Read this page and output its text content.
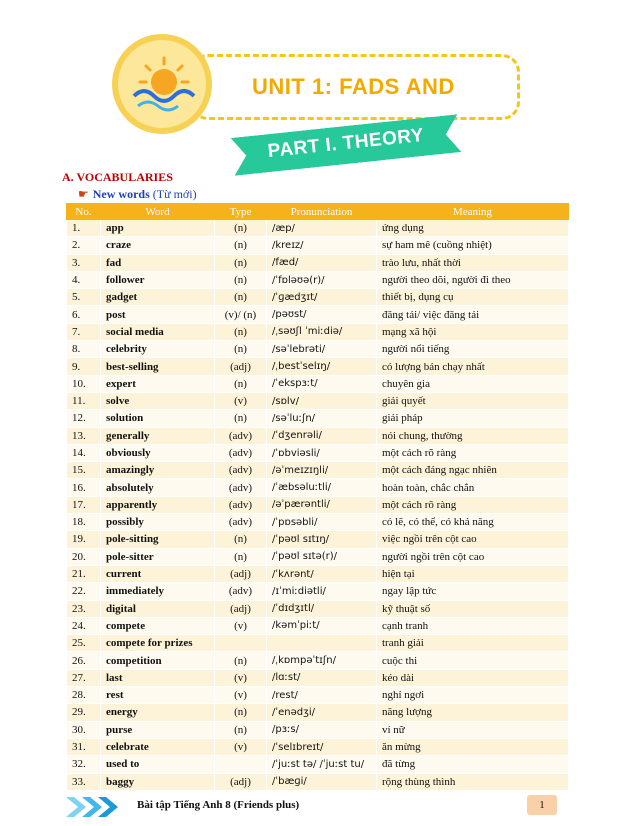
UNIT 1: FADS AND
PART I. THEORY
A. VOCABULARIES
☛ New words (Từ mới)
No.	Word	Type	Pronunciation	Meaning
1.	app	(n)	/æp/	ứng dụng
2.	craze	(n)	/kreɪz/	sự ham mê (cuồng nhiệt)
3.	fad	(n)	/fæd/	trào lưu, nhất thời
4.	follower	(n)	/ˈfɒləʊə(r)/	người theo dõi, người đi theo
5.	gadget	(n)	/ˈɡædʒɪt/	thiết bị, dụng cụ
6.	post	(v)/ (n)	/pəʊst/	đăng tải/ việc đăng tải
7.	social media	(n)	/ˌsəʊʃl ˈmiːdiə/	mạng xã hội
8.	celebrity	(n)	/səˈlebrəti/	người nổi tiếng
9.	best-selling	(adj)	/ˌbestˈselɪŋ/	có lượng bán chạy nhất
10.	expert	(n)	/ˈekspɜːt/	chuyên gia
11.	solve	(v)	/sɒlv/	giải quyết
12.	solution	(n)	/səˈluːʃn/	giải pháp
13.	generally	(adv)	/ˈdʒenrəli/	nói chung, thường
14.	obviously	(adv)	/ˈɒbviəsli/	một cách rõ ràng
15.	amazingly	(adv)	/əˈmeɪzɪŋli/	một cách đáng ngạc nhiên
16.	absolutely	(adv)	/ˈæbsəluːtli/	hoàn toàn, chắc chắn
17.	apparently	(adv)	/əˈpærəntli/	một cách rõ ràng
18.	possibly	(adv)	/ˈpɒsəbli/	có lẽ, có thể, có khả năng
19.	pole-sitting	(n)	/ˈpəʊl sɪtɪŋ/	việc ngồi trên cột cao
20.	pole-sitter	(n)	/ˈpəʊl sɪtə(r)/	người ngồi trên cột cao
21.	current	(adj)	/ˈkʌrənt/	hiện tại
22.	immediately	(adv)	/ɪˈmiːdiətli/	ngay lập tức
23.	digital	(adj)	/ˈdɪdʒɪtl/	kỹ thuật số
24.	compete	(v)	/kəmˈpiːt/	cạnh tranh
25.	compete for prizes			tranh giải
26.	competition	(n)	/ˌkɒmpəˈtɪʃn/	cuộc thi
27.	last	(v)	/lɑːst/	kéo dài
28.	rest	(v)	/rest/	nghỉ ngơi
29.	energy	(n)	/ˈenədʒi/	năng lượng
30.	purse	(n)	/pɜːs/	ví nữ
31.	celebrate	(v)	/ˈselɪbreɪt/	ăn mừng
32.	used to		/ˈjuːst tə/ /ˈjuːst tu/	đã từng
33.	baggy	(adj)	/ˈbæɡi/	rộng thùng thình
Bài tập Tiếng Anh 8 (Friends plus)	1
